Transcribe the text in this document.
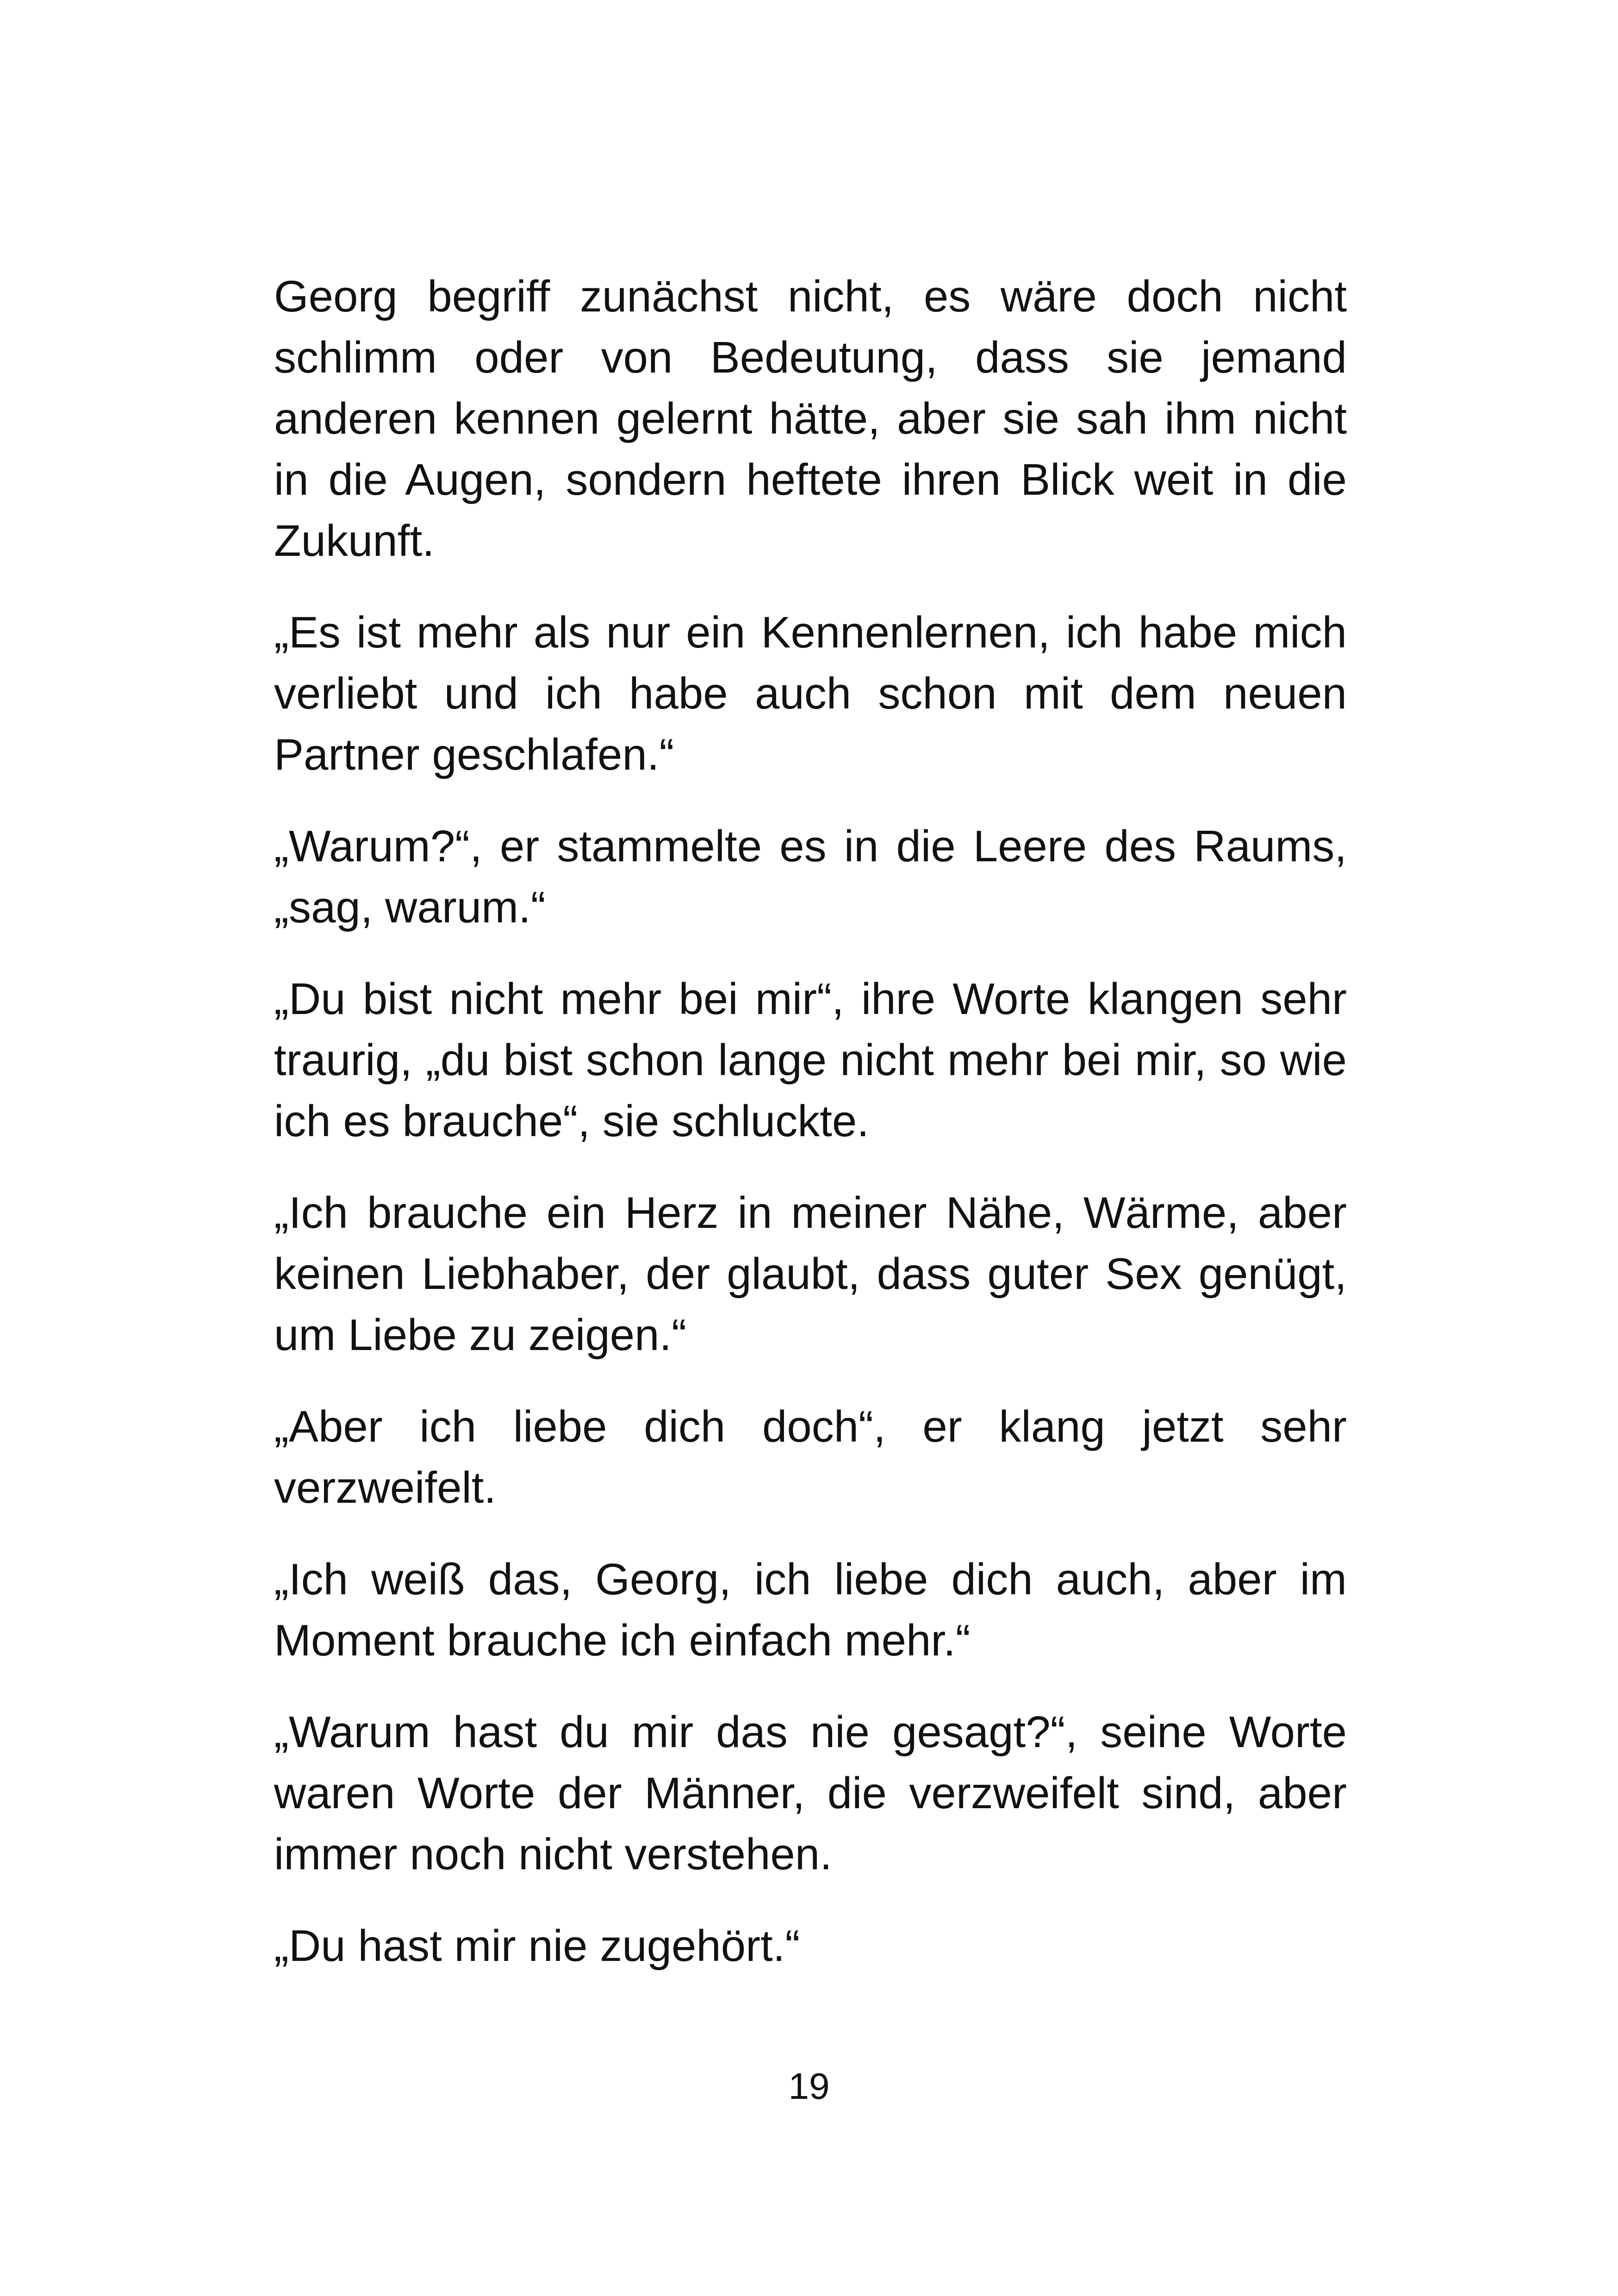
Georg begriff zunächst nicht, es wäre doch nicht schlimm oder von Bedeutung, dass sie jemand anderen kennen gelernt hätte, aber sie sah ihm nicht in die Augen, sondern heftete ihren Blick weit in die Zukunft.

„Es ist mehr als nur ein Kennenlernen, ich habe mich verliebt und ich habe auch schon mit dem neuen Partner geschlafen.“

„Warum?“, er stammelte es in die Leere des Raums, „sag, warum.“

„Du bist nicht mehr bei mir“, ihre Worte klangen sehr traurig, „du bist schon lange nicht mehr bei mir, so wie ich es brauche“, sie schluckte.

„Ich brauche ein Herz in meiner Nähe, Wärme, aber keinen Liebhaber, der glaubt, dass guter Sex genügt, um Liebe zu zeigen.“

„Aber ich liebe dich doch“, er klang jetzt sehr verzweifelt.

„Ich weiß das, Georg, ich liebe dich auch, aber im Moment brauche ich einfach mehr.“

„Warum hast du mir das nie gesagt?“, seine Worte waren Worte der Männer, die verzweifelt sind, aber immer noch nicht verstehen.

„Du hast mir nie zugehört.“

19
